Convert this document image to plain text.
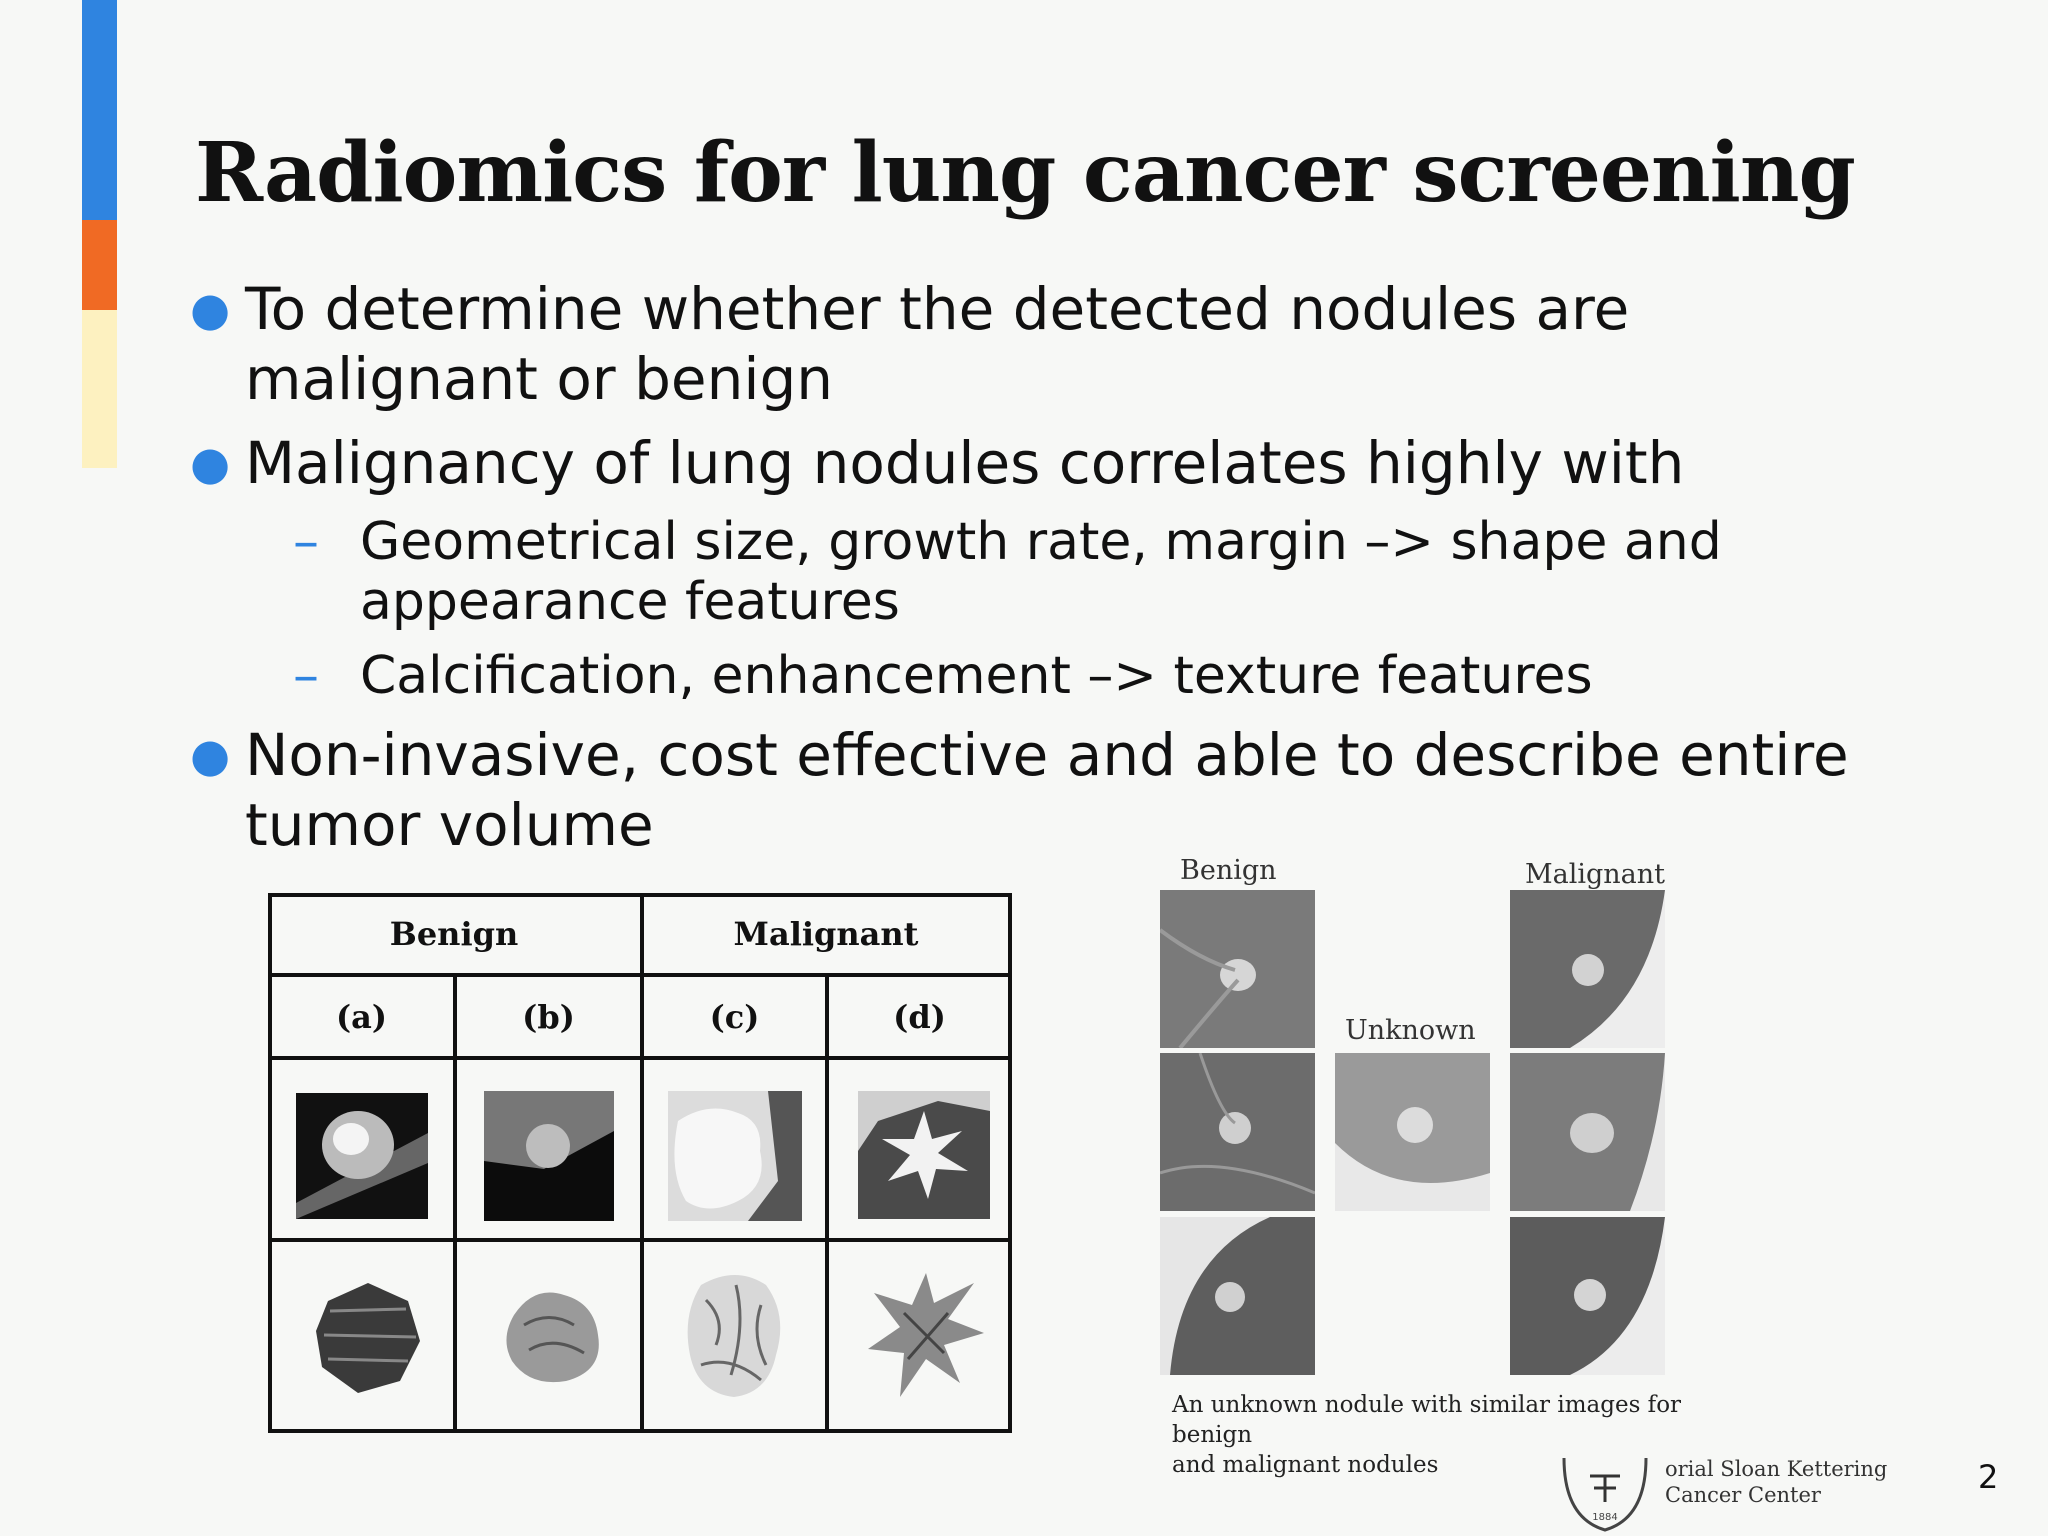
Radiomics for lung cancer screening
● To determine whether the detected nodules are malignant or benign
● Malignancy of lung nodules correlates highly with
– Geometrical size, growth rate, margin –> shape and appearance features
– Calcification, enhancement –> texture features
● Non-invasive, cost effective and able to describe entire tumor volume
Benign	Malignant
(a)	(b)	(c)	(d)
Benign	Malignant
Unknown
An unknown nodule with similar images for benign
and malignant nodules
1884
orial Sloan Kettering
Cancer Center	2
